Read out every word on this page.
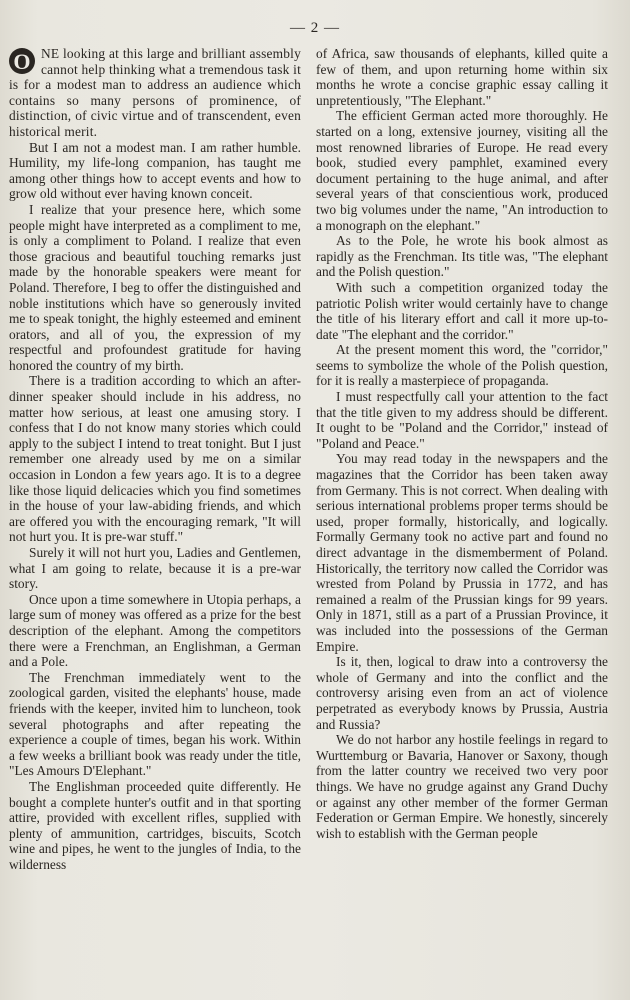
— 2 —

O NE looking at this large and brilliant assembly cannot help thinking what a tremendous task it is for a modest man to address an audience which contains so many persons of prominence, of distinction, of civic virtue and of transcendent, even historical merit.

But I am not a modest man. I am rather humble. Humility, my life-long companion, has taught me among other things how to accept events and how to grow old without ever having known conceit.

I realize that your presence here, which some people might have interpreted as a compliment to me, is only a compliment to Poland. I realize that even those gracious and beautiful touching remarks just made by the honorable speakers were meant for Poland. Therefore, I beg to offer the distinguished and noble institutions which have so generously invited me to speak tonight, the highly esteemed and eminent orators, and all of you, the expression of my respectful and profoundest gratitude for having honored the country of my birth.

There is a tradition according to which an after-dinner speaker should include in his address, no matter how serious, at least one amusing story. I confess that I do not know many stories which could apply to the subject I intend to treat tonight. But I just remember one already used by me on a similar occasion in London a few years ago. It is to a degree like those liquid delicacies which you find sometimes in the house of your law-abiding friends, and which are offered you with the encouraging remark, "It will not hurt you. It is pre-war stuff."

Surely it will not hurt you, Ladies and Gentlemen, what I am going to relate, because it is a pre-war story.

Once upon a time somewhere in Utopia perhaps, a large sum of money was offered as a prize for the best description of the elephant. Among the competitors there were a Frenchman, an Englishman, a German and a Pole.

The Frenchman immediately went to the zoological garden, visited the elephants' house, made friends with the keeper, invited him to luncheon, took several photographs and after repeating the experience a couple of times, began his work. Within a few weeks a brilliant book was ready under the title, "Les Amours D'Elephant."

The Englishman proceeded quite differently. He bought a complete hunter's outfit and in that sporting attire, provided with excellent rifles, supplied with plenty of ammunition, cartridges, biscuits, Scotch wine and pipes, he went to the jungles of India, to the wilderness

of Africa, saw thousands of elephants, killed quite a few of them, and upon returning home within six months he wrote a concise graphic essay calling it unpretentiously, "The Elephant."

The efficient German acted more thoroughly. He started on a long, extensive journey, visiting all the most renowned libraries of Europe. He read every book, studied every pamphlet, examined every document pertaining to the huge animal, and after several years of that conscientious work, produced two big volumes under the name, "An introduction to a monograph on the elephant."

As to the Pole, he wrote his book almost as rapidly as the Frenchman. Its title was, "The elephant and the Polish question."

With such a competition organized today the patriotic Polish writer would certainly have to change the title of his literary effort and call it more up-to-date "The elephant and the corridor."

At the present moment this word, the "corridor," seems to symbolize the whole of the Polish question, for it is really a masterpiece of propaganda.

I must respectfully call your attention to the fact that the title given to my address should be different. It ought to be "Poland and the Corridor," instead of "Poland and Peace."

You may read today in the newspapers and the magazines that the Corridor has been taken away from Germany. This is not correct. When dealing with serious international problems proper terms should be used, proper formally, historically, and logically. Formally Germany took no active part and found no direct advantage in the dismemberment of Poland. Historically, the territory now called the Corridor was wrested from Poland by Prussia in 1772, and has remained a realm of the Prussian kings for 99 years. Only in 1871, still as a part of a Prussian Province, it was included into the possessions of the German Empire.

Is it, then, logical to draw into a controversy the whole of Germany and into the conflict and the controversy arising even from an act of violence perpetrated as everybody knows by Prussia, Austria and Russia?

We do not harbor any hostile feelings in regard to Wurttemburg or Bavaria, Hanover or Saxony, though from the latter country we received two very poor things. We have no grudge against any Grand Duchy or against any other member of the former German Federation or German Empire. We honestly, sincerely wish to establish with the German people
